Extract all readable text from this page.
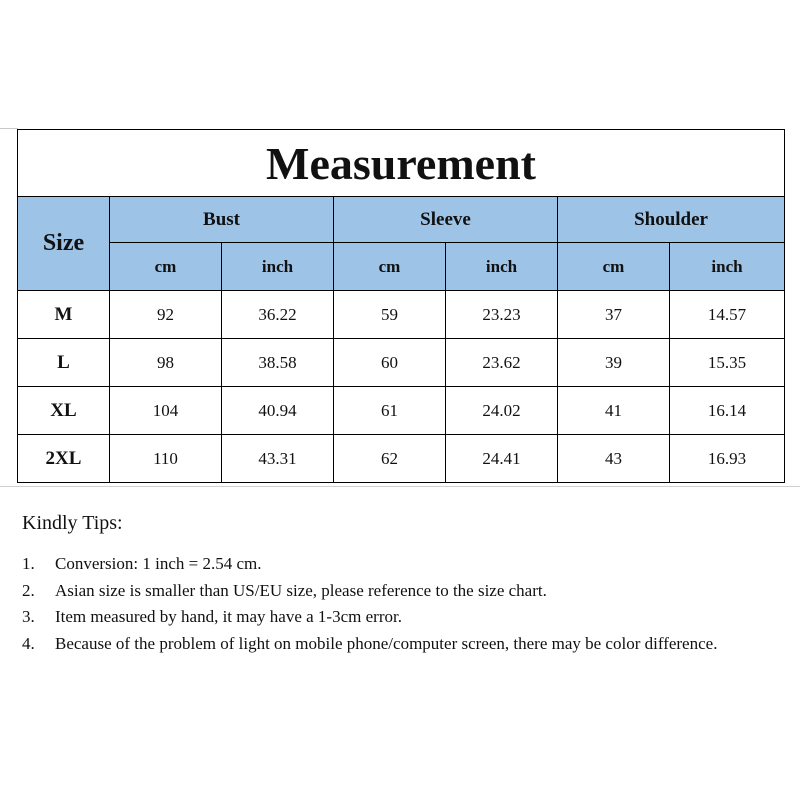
Measurement						
Size	Bust		Sleeve		Shoulder	
	cm	inch	cm	inch	cm	inch
M	92	36.22	59	23.23	37	14.57
L	98	38.58	60	23.62	39	15.35
XL	104	40.94	61	24.02	41	16.14
2XL	110	43.31	62	24.41	43	16.93

Kindly Tips:

1.	Conversion: 1 inch = 2.54 cm.
2.	Asian size is smaller than US/EU size, please reference to the size chart.
3.	Item measured by hand, it may have a 1-3cm error.
4.	Because of the problem of light on mobile phone/computer screen, there may be color difference.
